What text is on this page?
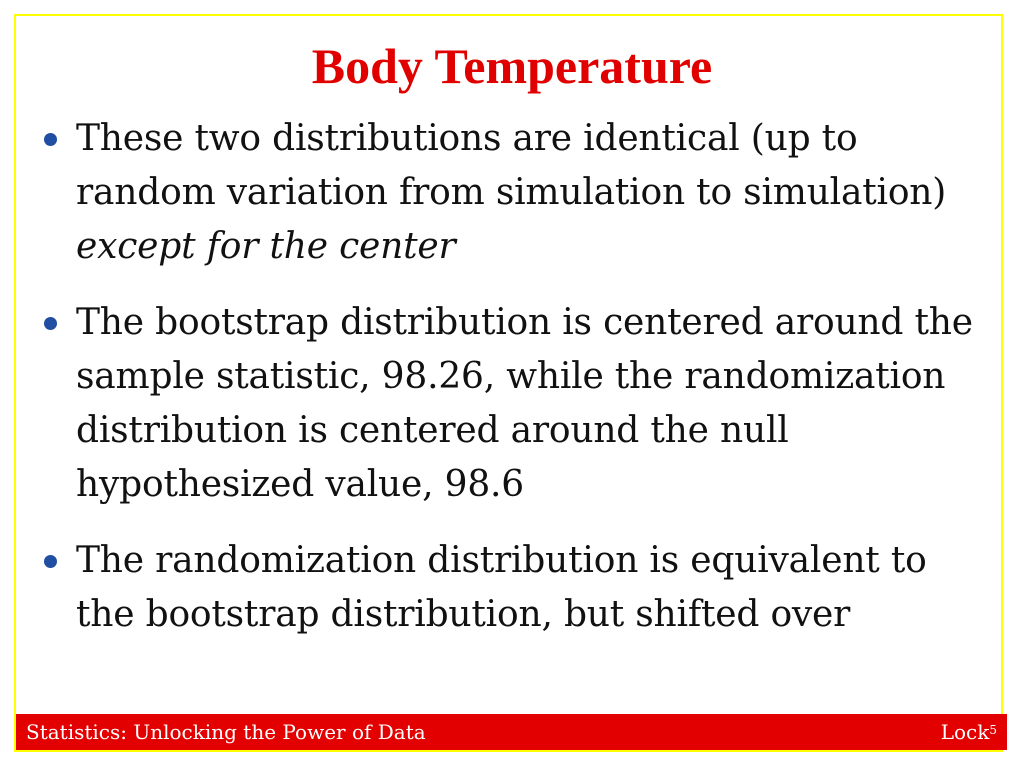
Body Temperature
These two distributions are identical (up to random variation from simulation to simulation) except for the center
The bootstrap distribution is centered around the sample statistic, 98.26, while the randomization distribution is centered around the null hypothesized value, 98.6
The randomization distribution is equivalent to the bootstrap distribution, but shifted over
Statistics: Unlocking the Power of Data	Lock$^5$
